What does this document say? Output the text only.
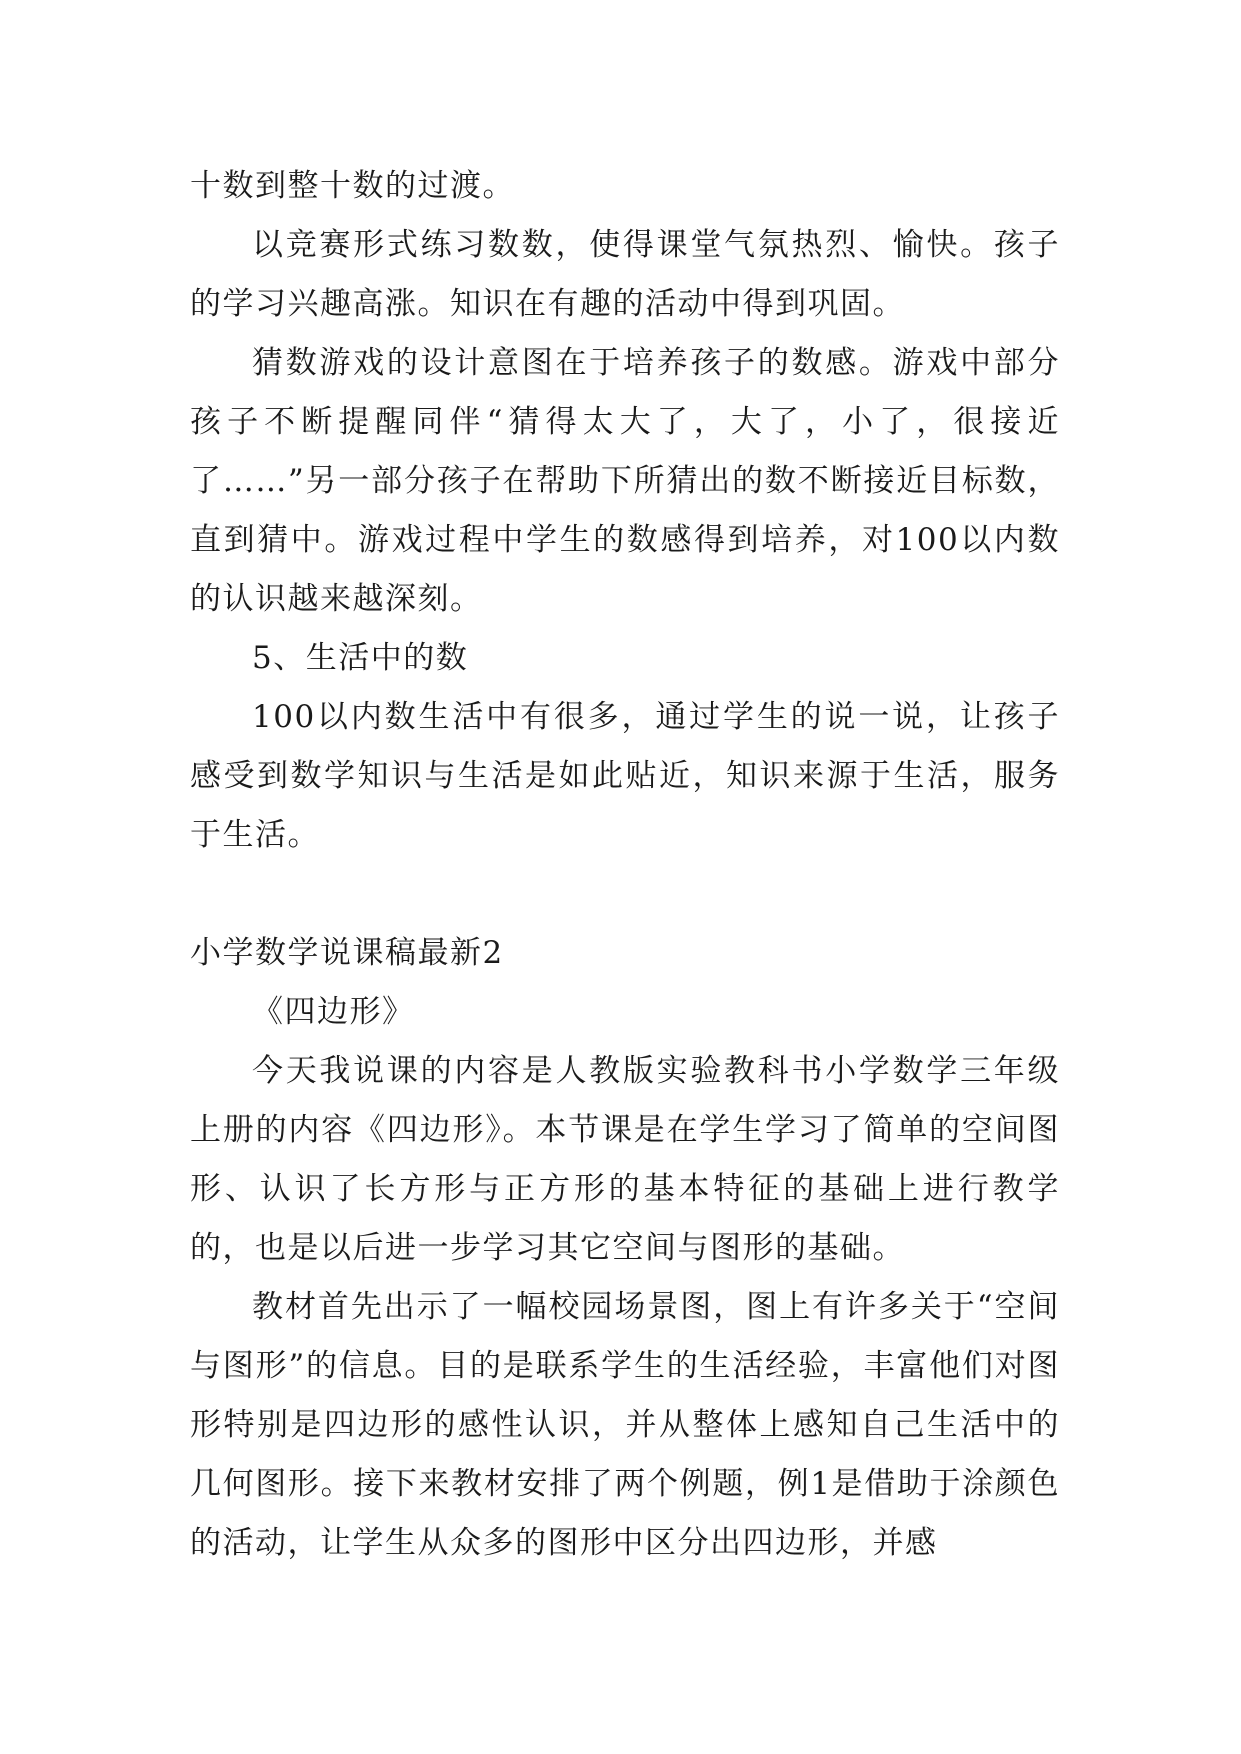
十数到整十数的过渡。

以竞赛形式练习数数，使得课堂气氛热烈、愉快。孩子的学习兴趣高涨。知识在有趣的活动中得到巩固。

猜数游戏的设计意图在于培养孩子的数感。游戏中部分孩子不断提醒同伴“猜得太大了，大了，小了，很接近了……”另一部分孩子在帮助下所猜出的数不断接近目标数，直到猜中。游戏过程中学生的数感得到培养，对100以内数的认识越来越深刻。

5、生活中的数

100以内数生活中有很多，通过学生的说一说，让孩子感受到数学知识与生活是如此贴近，知识来源于生活，服务于生活。

小学数学说课稿最新2

《四边形》

今天我说课的内容是人教版实验教科书小学数学三年级上册的内容《四边形》。本节课是在学生学习了简单的空间图形、认识了长方形与正方形的基本特征的基础上进行教学的，也是以后进一步学习其它空间与图形的基础。

教材首先出示了一幅校园场景图，图上有许多关于“空间与图形”的信息。目的是联系学生的生活经验，丰富他们对图形特别是四边形的感性认识，并从整体上感知自己生活中的几何图形。接下来教材安排了两个例题，例1是借助于涂颜色的活动，让学生从众多的图形中区分出四边形，并感
